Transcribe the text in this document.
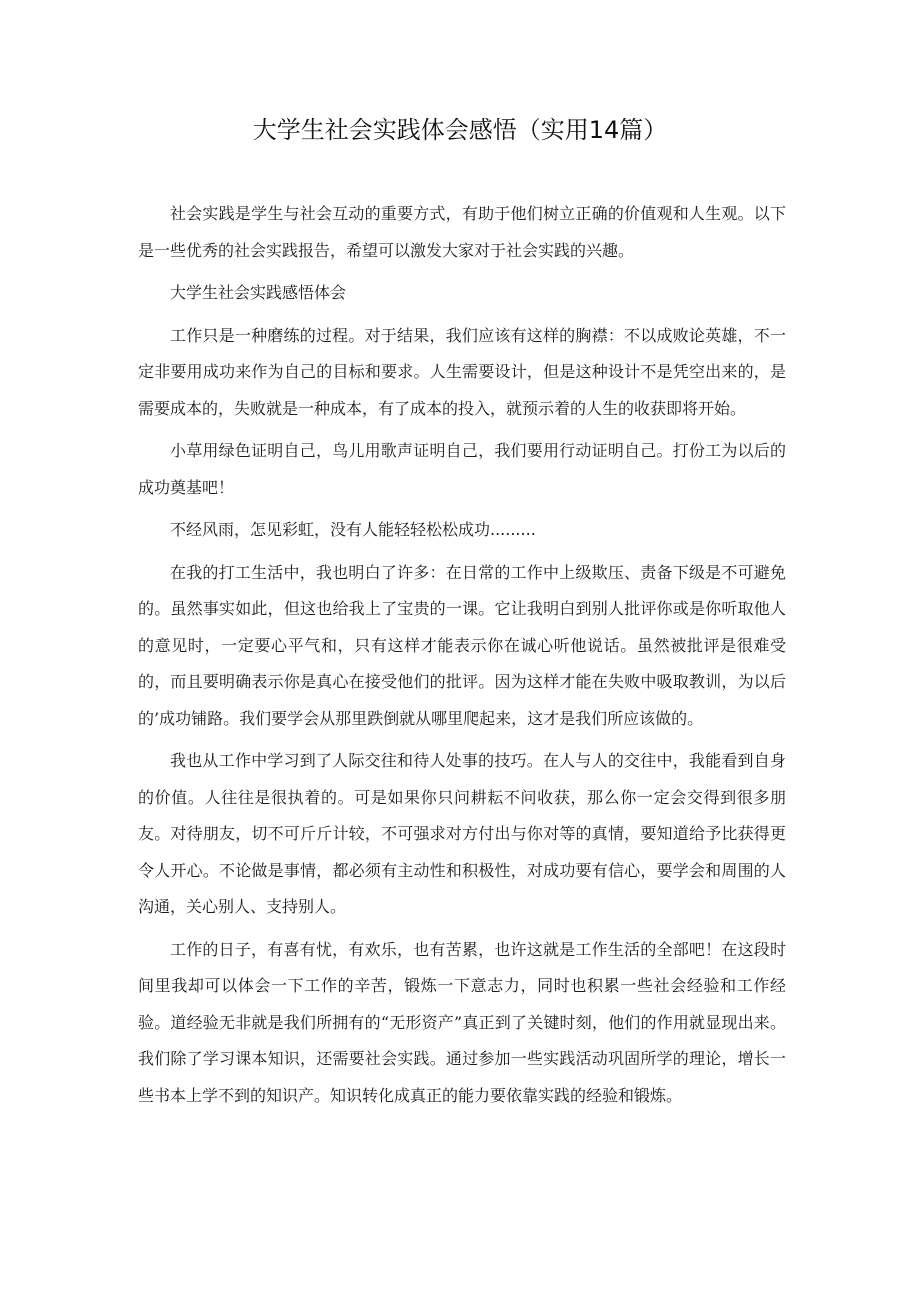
大学生社会实践体会感悟（实用14篇）

社会实践是学生与社会互动的重要方式，有助于他们树立正确的价值观和人生观。以下是一些优秀的社会实践报告，希望可以激发大家对于社会实践的兴趣。

大学生社会实践感悟体会

工作只是一种磨练的过程。对于结果，我们应该有这样的胸襟：不以成败论英雄，不一定非要用成功来作为自己的目标和要求。人生需要设计，但是这种设计不是凭空出来的，是需要成本的，失败就是一种成本，有了成本的投入，就预示着的人生的收获即将开始。

小草用绿色证明自己，鸟儿用歌声证明自己，我们要用行动证明自己。打份工为以后的成功奠基吧！

不经风雨，怎见彩虹，没有人能轻轻松松成功.........

在我的打工生活中，我也明白了许多：在日常的工作中上级欺压、责备下级是不可避免的。虽然事实如此，但这也给我上了宝贵的一课。它让我明白到别人批评你或是你听取他人的意见时，一定要心平气和，只有这样才能表示你在诚心听他说话。虽然被批评是很难受的，而且要明确表示你是真心在接受他们的批评。因为这样才能在失败中吸取教训，为以后的’成功铺路。我们要学会从那里跌倒就从哪里爬起来，这才是我们所应该做的。

我也从工作中学习到了人际交往和待人处事的技巧。在人与人的交往中，我能看到自身的价值。人往往是很执着的。可是如果你只问耕耘不问收获，那么你一定会交得到很多朋友。对待朋友，切不可斤斤计较，不可强求对方付出与你对等的真情，要知道给予比获得更令人开心。不论做是事情，都必须有主动性和积极性，对成功要有信心，要学会和周围的人沟通，关心别人、支持别人。

工作的日子，有喜有忧，有欢乐，也有苦累，也许这就是工作生活的全部吧！在这段时间里我却可以体会一下工作的辛苦，锻炼一下意志力，同时也积累一些社会经验和工作经验。道经验无非就是我们所拥有的“无形资产”真正到了关键时刻，他们的作用就显现出来。我们除了学习课本知识，还需要社会实践。通过参加一些实践活动巩固所学的理论，增长一些书本上学不到的知识产。知识转化成真正的能力要依靠实践的经验和锻炼。
